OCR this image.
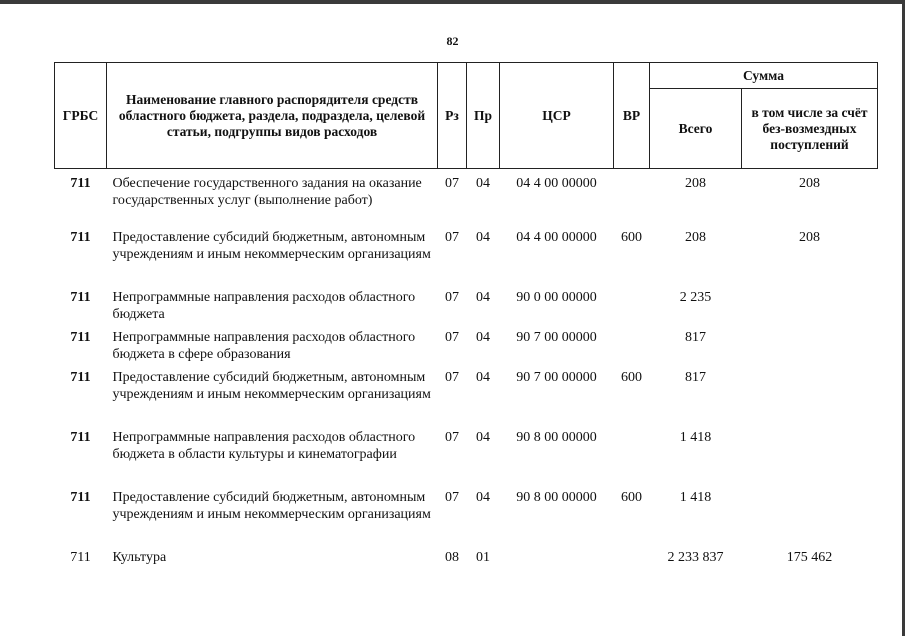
82
ГРБС	Наименование главного распорядителя средств областного бюджета, раздела, подраздела, целевой статьи, подгруппы видов расходов	Рз	Пр	ЦСР	ВР	Сумма	
						Всего	в том числе за счёт без-возмездных поступлений
711	Обеспечение государственного задания на оказание государственных услуг (выполнение работ)	07	04	04 4 00 00000		208	208
711	Предоставление субсидий бюджетным, автономным учреждениям и иным некоммерческим организациям	07	04	04 4 00 00000	600	208	208
711	Непрограммные направления расходов областного бюджета	07	04	90 0 00 00000		2 235	
711	Непрограммные направления расходов областного бюджета в сфере образования	07	04	90 7 00 00000		817	
711	Предоставление субсидий бюджетным, автономным учреждениям и иным некоммерческим организациям	07	04	90 7 00 00000	600	817	
711	Непрограммные направления расходов областного бюджета в области культуры и кинематографии	07	04	90 8 00 00000		1 418	
711	Предоставление субсидий бюджетным, автономным учреждениям и иным некоммерческим организациям	07	04	90 8 00 00000	600	1 418	
711	Культура	08	01			2 233 837	175 462
